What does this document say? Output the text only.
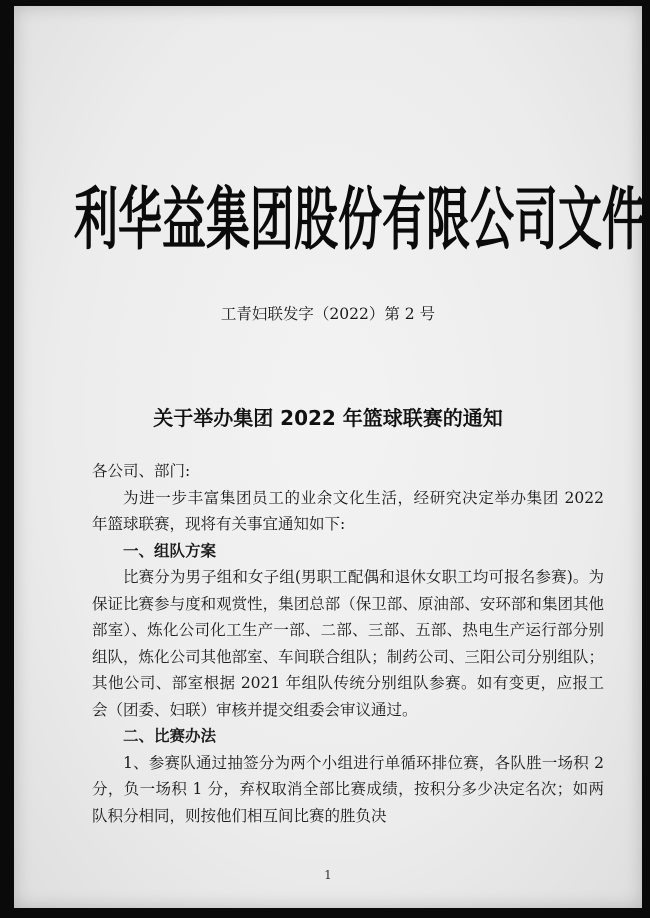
利华益集团股份有限公司文件
工青妇联发字（2022）第 2 号
关于举办集团 2022 年篮球联赛的通知

各公司、部门:

为进一步丰富集团员工的业余文化生活，经研究决定举办集团 2022 年篮球联赛，现将有关事宜通知如下:

一、组队方案

比赛分为男子组和女子组(男职工配偶和退休女职工均可报名参赛)。为保证比赛参与度和观赏性，集团总部（保卫部、原油部、安环部和集团其他部室）、炼化公司化工生产一部、二部、三部、五部、热电生产运行部分别组队，炼化公司其他部室、车间联合组队；制药公司、三阳公司分别组队；其他公司、部室根据 2021 年组队传统分别组队参赛。如有变更，应报工会（团委、妇联）审核并提交组委会审议通过。

二、比赛办法

1、参赛队通过抽签分为两个小组进行单循环排位赛，各队胜一场积 2 分，负一场积 1 分，弃权取消全部比赛成绩，按积分多少决定名次；如两队积分相同，则按他们相互间比赛的胜负决

1
